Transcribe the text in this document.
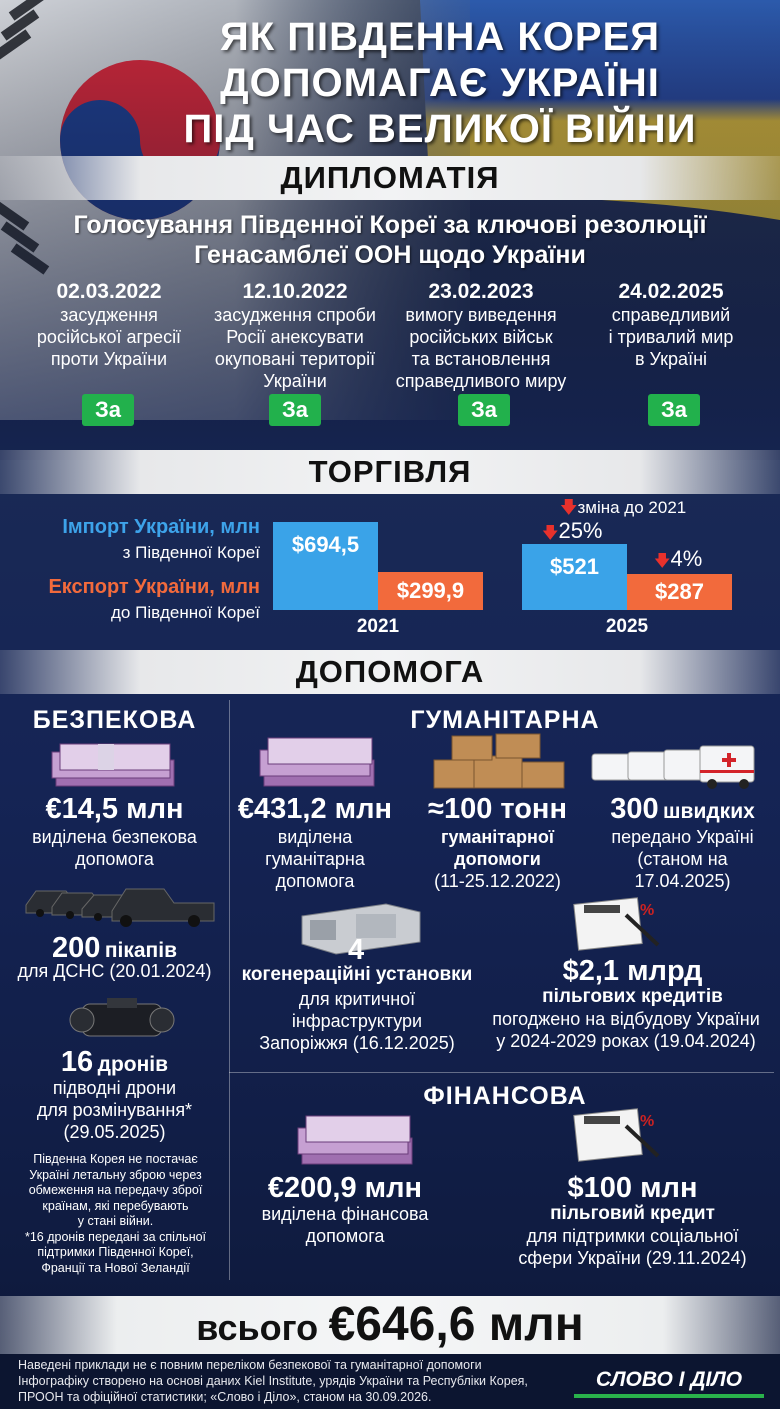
ЯК ПІВДЕННА КОРЕЯ
ДОПОМАГАЄ УКРАЇНІ
ПІД ЧАС ВЕЛИКОЇ ВІЙНИ
ДИПЛОМАТІЯ
Голосування Південної Кореї за ключові резолюції
Генасамблеї ООН щодо України
02.03.2022
засудження
російської агресії
проти України
12.10.2022
засудження спроби
Росії анексувати
окуповані території
України
23.02.2023
вимогу виведення
російських військ
та встановлення
справедливого миру
24.02.2025
справедливий
і тривалий мир
в Україні
За	За	За	За
ТОРГІВЛЯ
Імпорт України, млн
з Південної Кореї
Експорт України, млн
до Південної Кореї
$694,5
$299,9
2021
$521
$287
2025
🡇зміна до 2021
🡇25%
🡇4%
ДОПОМОГА
БЕЗПЕКОВА
€14,5 млн
виділена безпекова
допомога
200 пікапів
для ДСНС (20.01.2024)
16 дронів
підводні дрони
для розмінування*
(29.05.2025)
Південна Корея не постачає
Україні летальну зброю через
обмеження на передачу зброї
країнам, які перебувають
у стані війни.
*16 дронів передані за спільної
підтримки Південної Кореї,
Франції та Нової Зеландії
ГУМАНІТАРНА
€431,2 млн
виділена
гуманітарна
допомога
≈100 тонн
гуманітарної
допомоги
(11-25.12.2022)
300 швидких
передано Україні
(станом на
17.04.2025)
4
когенераційні установки
для критичної
інфраструктури
Запоріжжя (16.12.2025)
%
$2,1 млрд
пільгових кредитів
погоджено на відбудову України
у 2024-2029 роках (19.04.2024)
ФІНАНСОВА
%
€200,9 млн
виділена фінансова
допомога
$100 млн
пільговий кредит
для підтримки соціальної
сфери України (29.11.2024)
всього €646,6 млн
Наведені приклади не є повним переліком безпекової та гуманітарної допомоги
Інфографіку створено на основі даних Kiel Institute, урядів України та Республіки Корея,
ПРООН та офіційної статистики; «Слово і Діло», станом на 30.09.2026.
СЛОВО І ДІЛО
